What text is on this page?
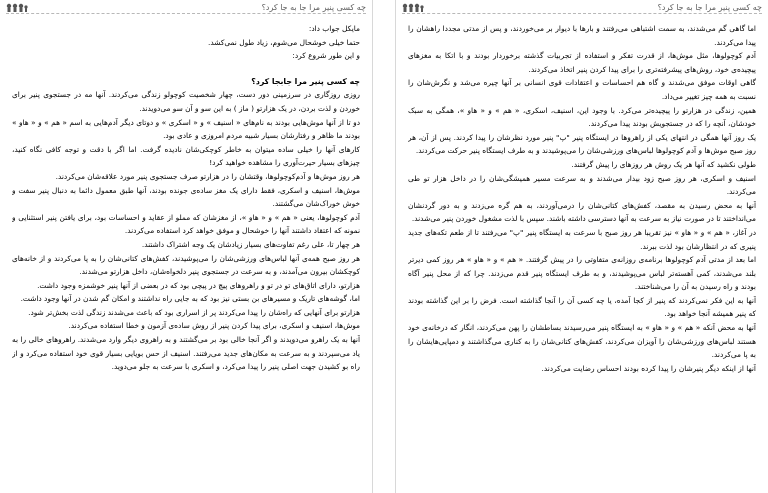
چه کسی پنیر مرا جا به جا کرد؟

مایکل جواب داد:

حتما خیلی خوشحال می‌شوم، زیاد طول نمی‌کشد.

و این طور شروع کرد:

چه کسی پنیر مرا جابجا کرد؟

روزی روزگاری در سرزمینی دور دست، چهار شخصیت کوچولو زندگی می‌کردند. آنها مه در جستجوی پنیر برای خوردن و لذت بردن، در یک هزارتو ( ماز ) به این سو و آن سو می‌دویدند.

دو تا از آنها موش‌هایی بودند به نام‌های « اسنیف » و « اسکری » و دوتای دیگر آدم‌هایی به اسم « هم » و « هاو » بودند ما ظاهر و رفتارشان بسیار شبیه مردم امروزی و عادی بود.

کارهای آنها را خیلی ساده میتوان به خاطر کوچکی‌شان نادیده گرفت. اما اگر با دقت و توجه کافی نگاه کنید، چیزهای بسیار حیرت‌آوری را مشاهده خواهید کرد!

هر روز موش‌ها و آدم‌کوچولوها، وقتشان را در هزارتو صرف جستجوی پنیر مورد علاقه‌شان می‌کردند.

موش‌ها، اسنیف و اسکری، فقط دارای یک مغز ساده‌ی جونده بودند، آنها طبق معمول دائما به دنبال پنیر سفت و خوش خوراک‌شان می‌گشتند.

آدم کوچولوها، یعنی « هم » و « هاو »، از مغزشان که مملو از عقاید و احساسات بود، برای یافتن پنیر استثنایی و نمونه که اعتقاد داشتند آنها را خوشحال و موفق خواهد کرد استفاده می‌کردند.

هر چهار تا، علی رغم تفاوت‌های بسیار زیادشان یک وجه اشتراک داشتند.

هر روز صبح همه‌ی آنها لباس‌های ورزشی‌شان را می‌پوشیدند، کفش‌های کتانی‌شان را به پا می‌کردند و از خانه‌های کوچکشان بیرون می‌آمدند، و به سرعت در جستجوی پنیر دلخواه‌شان، داخل هزارتو می‌شدند.

هزارتو، دارای اتاق‌های تو در تو و راهروهای پیچ در پیچی بود که در بعضی از آنها پنیر خوشمزه وجود داشت.

اما، گوشه‌های تاریک و مسیرهای بن بستی نیز بود که به جایی راه نداشتند و امکان گم شدن در آنها وجود داشت.

هزارتو برای آنهایی که راه‌شان را پیدا می‌کردند پر از اسراری بود که باعث می‌شدند زندگی لذت بخش‌تر شود.

موش‌ها، اسنیف و اسکری، برای پیدا کردن پنیر از روش ساده‌ی آزمون و خطا استفاده می‌کردند.

آنها به یک راهرو می‌دویدند و اگر آنجا خالی بود بر می‌گشتند و به راهروی دیگر وارد می‌شدند. راهروهای خالی را به یاد می‌سپردند و به سرعت به مکان‌های جدید می‌رفتند. اسنیف از حس بویایی بسیار قوی خود استفاده می‌کرد و از راه بو کشیدن جهت اصلی پنیر را پیدا می‌کرد، و اسکری با سرعت به جلو می‌دوید.

چه کسی پنیر مرا جا به جا کرد؟

اما گاهی گم می‌شدند، به سمت اشتباهی می‌رفتند و بارها با دیوار بر می‌خوردند، و پس از مدتی مجددا راهشان را پیدا می‌کردند.

آدم کوچولوها، مثل موش‌ها، از قدرت تفکر و استفاده از تجربیات گذشته برخوردار بودند و با اتکا به مغزهای پیچیده‌ی خود، روش‌های پیشرفته‌تری را برای پیدا کردن پنیر اتخاذ می‌کردند.

گاهی اوقات موفق می‌شدند و گاه هم احساسات و اعتقادات قوی انسانی بر آنها چیره می‌شد و نگرش‌شان را نسبت به همه چیز تغییر می‌داد.

همین، زندگی در هزارتو را پیچیده‌تر می‌کرد. با وجود این، اسنیف، اسکری، « هم » و « هاو »، همگی به سبک خودشان، آنچه را که در جستجویش بودند پیدا می‌کردند.

یک روز آنها همگی در انتهای یکی از راهروها در ایستگاه پنیر "پ" پنیر مورد نظرشان را پیدا کردند. پس از آن، هر روز صبح موش‌ها و آدم کوچولوها لباس‌های ورزشی‌شان را می‌پوشیدند و به طرف ایستگاه پنیر حرکت می‌کردند.

طولی نکشید که آنها هر یک روش هر روزهای را پیش گرفتند.

اسنیف و اسکری، هر روز صبح زود بیدار می‌شدند و به سرعت مسیر همیشگی‌شان را در داخل هزار تو طی می‌کردند.

آنها به محض رسیدن به مقصد، کفش‌های کتانی‌شان را درمی‌آوردند، به هم گره می‌زدند و به دور گردنشان می‌انداختند تا در صورت نیاز به سرعت به آنها دسترسی داشته باشند. سپس با لذت مشغول خوردن پنیر می‌شدند.

در آغاز، « هم » و « هاو » نیز تقریبا هر روز صبح با سرعت به ایستگاه پنیر "پ" می‌رفتند تا از طعم تکه‌های جدید پنیری که در انتظارشان بود لذت ببرند.

اما بعد از مدتی آدم کوچولوها برنامه‌ی روزانه‌ی متفاوتی را در پیش گرفتند. « هم » و « هاو » هر روز کمی دیرتر بلند می‌شدند، کمی آهسته‌تر لباس می‌پوشیدند، و به طرف ایستگاه پنیر قدم می‌زدند. چرا که از محل پنیر آگاه بودند و راه رسیدن به آن را می‌شناختند.

آنها به این فکر نمی‌کردند که پنیر از کجا آمده، یا چه کسی آن را آنجا گذاشته است. فرض را بر این گذاشته بودند که پنیر همیشه آنجا خواهد بود.

آنها به محض آنکه « هم » و « هاو » به ایستگاه پنیر می‌رسیدند بساطشان را پهن می‌کردند، انگار که درخانه‌ی خود هستند لباس‌های ورزشی‌شان را آویزان می‌کردند، کفش‌های کتانی‌شان را به کناری می‌گذاشتند و دمپایی‌هایشان را به پا می‌کردند.

آنها از اینکه دیگر پنیرشان را پیدا کرده بودند احساس رضایت می‌کردند.
